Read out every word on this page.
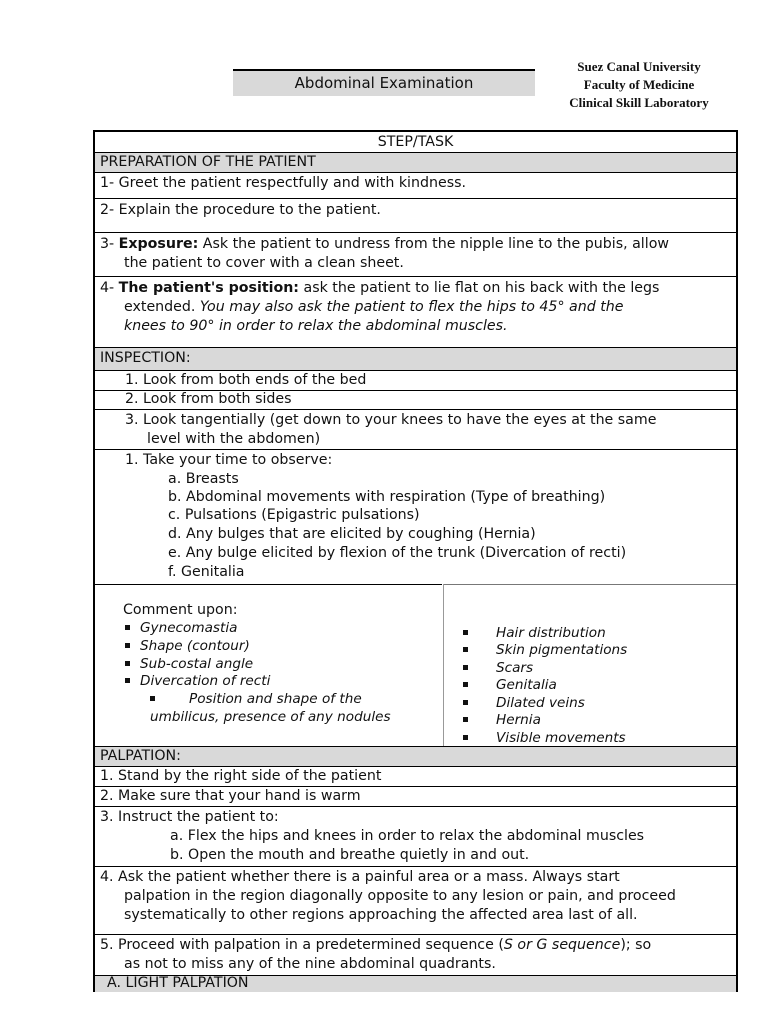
Abdominal Examination
Suez Canal University
Faculty of Medicine
Clinical Skill Laboratory
STEP/TASK
PREPARATION OF THE PATIENT
1- Greet the patient respectfully and with kindness.
2- Explain the procedure to the patient.
3- Exposure: Ask the patient to undress from the nipple line to the pubis, allow
the patient to cover with a clean sheet.
4- The patient's position: ask the patient to lie flat on his back with the legs
extended. You may also ask the patient to flex the hips to 45° and the
knees to 90° in order to relax the abdominal muscles.
INSPECTION:
1. Look from both ends of the bed
2. Look from both sides
3. Look tangentially (get down to your knees to have the eyes at the same
level with the abdomen)
1. Take your time to observe:
a. Breasts
b. Abdominal movements with respiration (Type of breathing)
c. Pulsations (Epigastric pulsations)
d. Any bulges that are elicited by coughing (Hernia)
e. Any bulge elicited by flexion of the trunk (Divercation of recti)
f. Genitalia
Comment upon:
Gynecomastia
Shape (contour)
Sub-costal angle
Divercation of recti
Position and shape of the
umbilicus, presence of any nodules
Hair distribution
Skin pigmentations
Scars
Genitalia
Dilated veins
Hernia
Visible movements
PALPATION:
1. Stand by the right side of the patient
2. Make sure that your hand is warm
3. Instruct the patient to:
a. Flex the hips and knees in order to relax the abdominal muscles
b. Open the mouth and breathe quietly in and out.
4. Ask the patient whether there is a painful area or a mass. Always start
palpation in the region diagonally opposite to any lesion or pain, and proceed
systematically to other regions approaching the affected area last of all.
5. Proceed with palpation in a predetermined sequence (S or G sequence); so
as not to miss any of the nine abdominal quadrants.
A. LIGHT PALPATION
